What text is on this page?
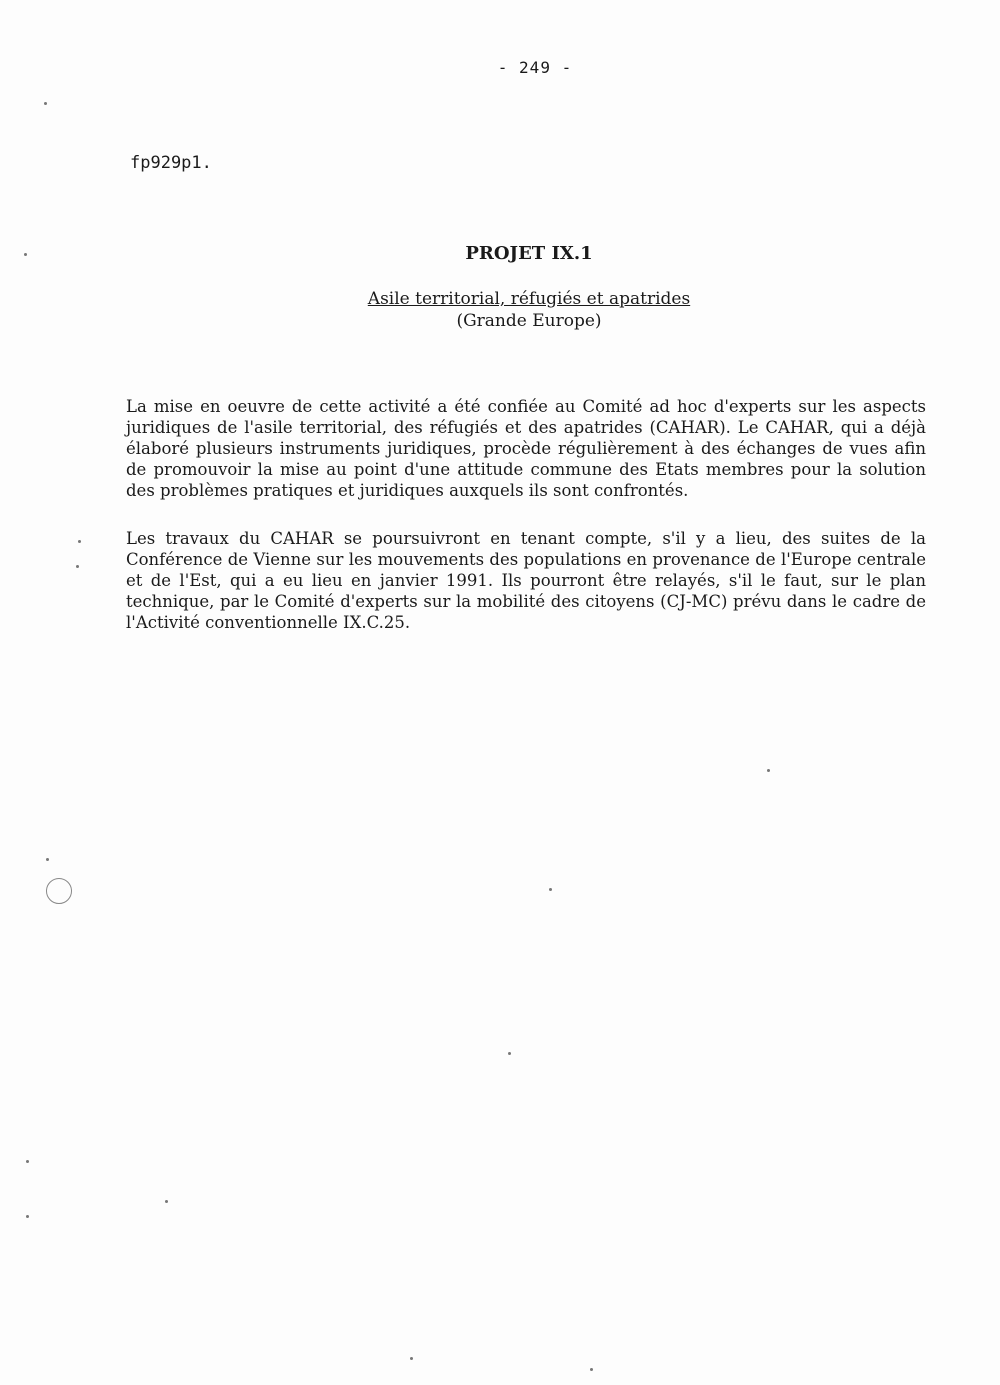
- 249 -
fp929p1.
PROJET IX.1
Asile territorial, réfugiés et apatrides
(Grande Europe)

La mise en oeuvre de cette activité a été confiée au Comité ad hoc d'experts sur les aspects juridiques de l'asile territorial, des réfugiés et des apatrides (CAHAR). Le CAHAR, qui a déjà élaboré plusieurs instruments juridiques, procède régulièrement à des échanges de vues afin de promouvoir la mise au point d'une attitude commune des Etats membres pour la solution des problèmes pratiques et juridiques auxquels ils sont confrontés.

Les travaux du CAHAR se poursuivront en tenant compte, s'il y a lieu, des suites de la Conférence de Vienne sur les mouvements des populations en provenance de l'Europe centrale et de l'Est, qui a eu lieu en janvier 1991. Ils pourront être relayés, s'il le faut, sur le plan technique, par le Comité d'experts sur la mobilité des citoyens (CJ-MC) prévu dans le cadre de l'Activité conventionnelle IX.C.25.
